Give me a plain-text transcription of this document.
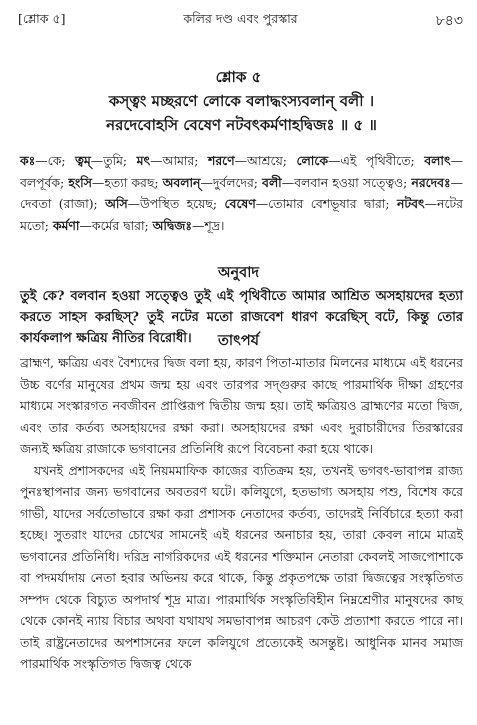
[শ্লোক ৫]	কলির দণ্ড এবং পুরস্কার	৮৪৩
শ্লোক ৫
কস্ত্বং মচ্ছরণে লোকে বলাদ্ধংস্যবলান্ বলী ।
নরদেবোহসি বেষেণ নটবৎকর্মণাহদ্বিজঃ ॥ ৫ ॥
কঃ—কে; ত্বম্—তুমি; মৎ—আমার; শরণে—আশ্রয়ে; লোকে—এই পৃথিবীতে; বলাৎ—বলপূর্বক; হংসি—হত্যা করছ; অবলান্—দুর্বলদের; বলী—বলবান হওয়া সত্ত্বেও; নরদেবঃ—দেবতা (রাজা); অসি—উপস্থিত হয়েছ; বেষেণ—তোমার বেশভূষার দ্বারা; নটবৎ—নটের মতো; কর্মণা—কর্মের দ্বারা; অদ্বিজঃ—শূদ্র।
অনুবাদ
তুই কে? বলবান হওয়া সত্ত্বেও তুই এই পৃথিবীতে আমার আশ্রিত অসহায়দের হত্যা করতে সাহস করছিস্? তুই নটের মতো রাজবেশ ধারণ করেছিস্ বটে, কিন্তু তোর কার্যকলাপ ক্ষত্রিয় নীতির বিরোধী।	তাৎপর্য

ব্রাহ্মণ, ক্ষত্রিয় এবং বৈশ্যদের দ্বিজ বলা হয়, কারণ পিতা-মাতার মিলনের মাধ্যমে এই ধরনের উচ্চ বর্ণের মানুষের প্রথম জন্ম হয় এবং তারপর সদ্‌গুরুর কাছে পারমার্থিক দীক্ষা গ্রহণের মাধ্যমে সংস্কারগত নবজীবন প্রাপ্তিরূপ দ্বিতীয় জন্ম হয়। তাই ক্ষত্রিয়ও ব্রাহ্মণের মতো দ্বিজ, এবং তার কর্তব্য অসহায়দের রক্ষা করা। অসহায়দের রক্ষা এবং দুরাচারীদের তিরস্কারের জন্যই ক্ষত্রিয় রাজাকে ভগবানের প্রতিনিধি রূপে বিবেচনা করা হয়ে থাকে।

যখনই প্রশাসকদের এই নিয়মমাফিক কাজের ব্যতিক্রম হয়, তখনই ভগবৎ-ভাবাপন্ন রাজ্য পুনঃস্থাপনার জন্য ভগবানের অবতরণ ঘটে। কলিযুগে, হতভাগ্য অসহায় পশু, বিশেষ করে গাভী, যাদের সর্বতোভাবে রক্ষা করা প্রশাসক নেতাদের কর্তব্য, তাদেরই নির্বিচারে হত্যা করা হচ্ছে। সুতরাং যাদের চোখের সামনেই এই ধরনের অনাচার হয়, তারা কেবল নামে মাত্রই ভগবানের প্রতিনিধি। দরিদ্র নাগরিকদের এই ধরনের শক্তিমান নেতারা কেবলই সাজপোশাকে বা পদমর্যাদায় নেতা হবার অভিনয় করে থাকে, কিন্তু প্রকৃতপক্ষে তারা দ্বিজত্বের সংস্কৃতিগত সম্পদ থেকে বিচ্যুত অপদার্থ শূদ্র মাত্র। পারমার্থিক সংস্কৃতিবিহীন নিম্নশ্রেণীর মানুষদের কাছ থেকে কোনই ন্যায় বিচার অথবা যথাযথ সমভাবাপন্ন আচরণ কেউ প্রত্যাশা করতে পারে না। তাই রাষ্ট্রনেতাদের অপশাসনের ফলে কলিযুগে প্রত্যেকেই অসন্তুষ্ট। আধুনিক মানব সমাজ পারমার্থিক সংস্কৃতিগত দ্বিজত্ব থেকে
